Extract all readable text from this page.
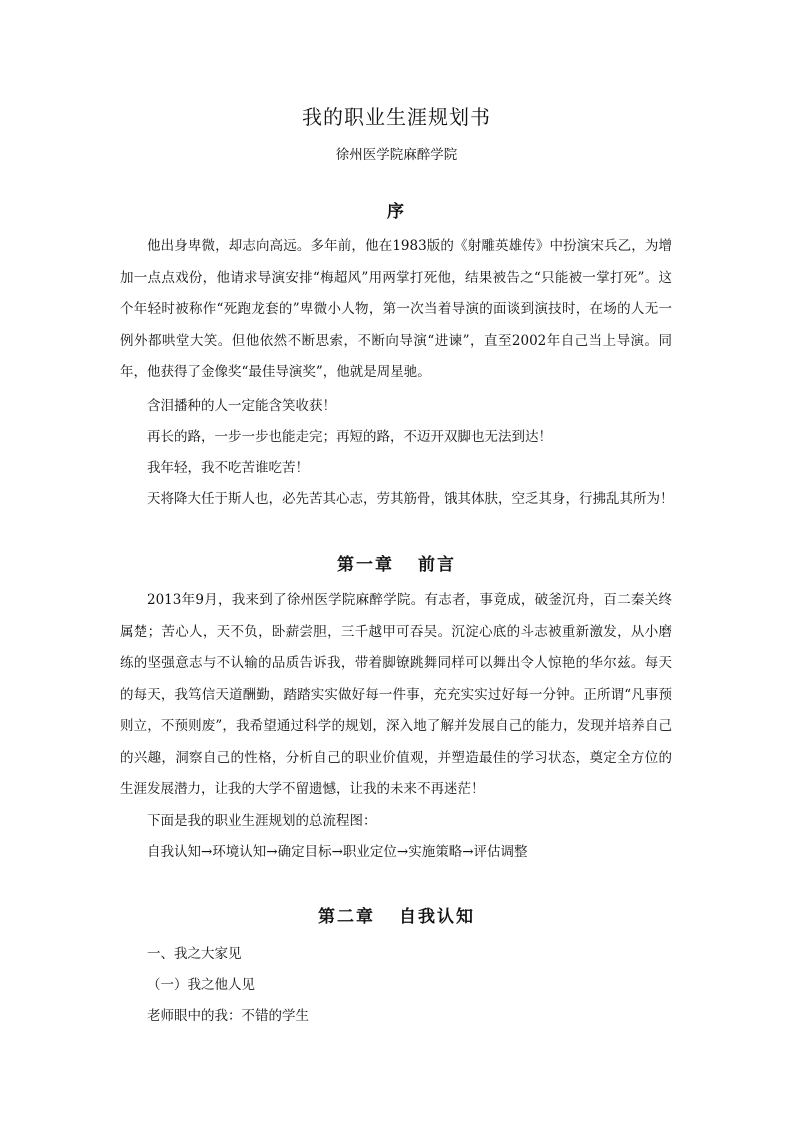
我的职业生涯规划书
徐州医学院麻醉学院
序

他出身卑微，却志向高远。多年前，他在1983版的《射雕英雄传》中扮演宋兵乙，为增加一点点戏份，他请求导演安排“梅超风”用两掌打死他，结果被告之“只能被一掌打死”。这个年轻时被称作“死跑龙套的”卑微小人物，第一次当着导演的面谈到演技时，在场的人无一例外都哄堂大笑。但他依然不断思索，不断向导演“进谏”，直至2002年自己当上导演。同年，他获得了金像奖“最佳导演奖”，他就是周星驰。

含泪播种的人一定能含笑收获！

再长的路，一步一步也能走完；再短的路，不迈开双脚也无法到达！

我年轻，我不吃苦谁吃苦！

天将降大任于斯人也，必先苦其心志，劳其筋骨，饿其体肤，空乏其身，行拂乱其所为！

第一章 前言

2013年9月，我来到了徐州医学院麻醉学院。有志者，事竟成，破釜沉舟，百二秦关终属楚；苦心人，天不负，卧薪尝胆，三千越甲可吞吴。沉淀心底的斗志被重新激发，从小磨练的坚强意志与不认输的品质告诉我，带着脚镣跳舞同样可以舞出令人惊艳的华尔兹。每天的每天，我笃信天道酬勤，踏踏实实做好每一件事，充充实实过好每一分钟。正所谓“凡事预则立，不预则废”，我希望通过科学的规划，深入地了解并发展自己的能力，发现并培养自己的兴趣，洞察自己的性格，分析自己的职业价值观，并塑造最佳的学习状态，奠定全方位的生涯发展潜力，让我的大学不留遗憾，让我的未来不再迷茫！

下面是我的职业生涯规划的总流程图：

自我认知→环境认知→确定目标→职业定位→实施策略→评估调整

第二章 自我认知

一、我之大家见

（一）我之他人见

老师眼中的我：不错的学生
